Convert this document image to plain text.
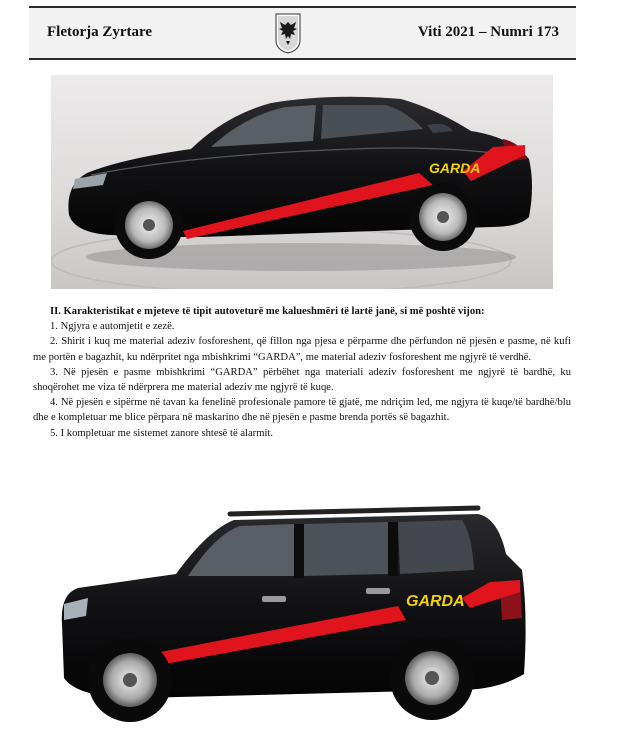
Fletorja Zyrtare	Viti 2021 – Numri 173
GARDA

II. Karakteristikat e mjeteve të tipit autoveturë me kalueshmëri të lartë janë, si më poshtë vijon:

1. Ngjyra e automjetit e zezë.

2. Shirit i kuq me material adeziv fosforeshent, që fillon nga pjesa e përparme dhe përfundon në pjesën e pasme, në kufi me portën e bagazhit, ku ndërpritet nga mbishkrimi “GARDA”, me material adeziv fosforeshent me ngjyrë të verdhë.

3. Në pjesën e pasme mbishkrimi “GARDA” përbëhet nga materiali adeziv fosforeshent me ngjyrë të bardhë, ku shoqërohet me viza të ndërprera me material adeziv me ngjyrë të kuqe.

4. Në pjesën e sipërme në tavan ka fenelinë profesionale pamore të gjatë, me ndriçim led, me ngjyra të kuqe/të bardhë/blu dhe e kompletuar me blice përpara në maskarino dhe në pjesën e pasme brenda portës së bagazhit.

5. I kompletuar me sistemet zanore shtesë të alarmit.

GARDA
